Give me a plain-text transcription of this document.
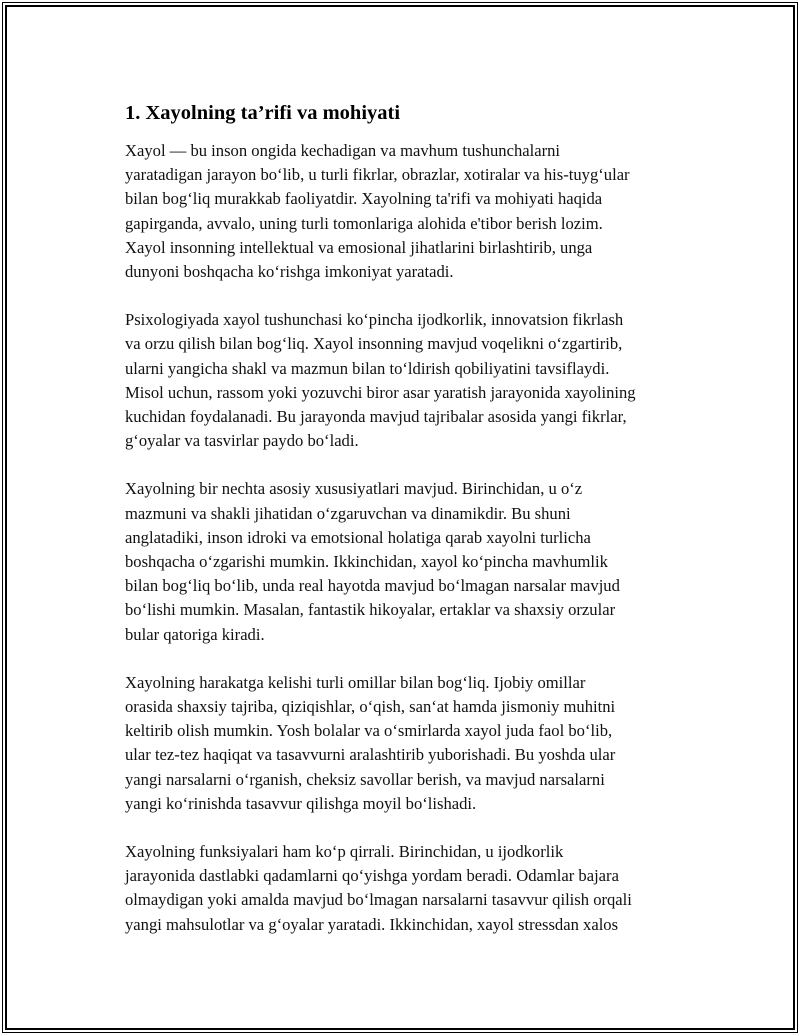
1. Xayolning ta’rifi va mohiyati

Xayol — bu inson ongida kechadigan va mavhum tushunchalarni
yaratadigan jarayon bo‘lib, u turli fikrlar, obrazlar, xotiralar va his-tuyg‘ular
bilan bog‘liq murakkab faoliyatdir. Xayolning ta'rifi va mohiyati haqida
gapirganda, avvalo, uning turli tomonlariga alohida e'tibor berish lozim.
Xayol insonning intellektual va emosional jihatlarini birlashtirib, unga
dunyoni boshqacha ko‘rishga imkoniyat yaratadi.

Psixologiyada xayol tushunchasi ko‘pincha ijodkorlik, innovatsion fikrlash
va orzu qilish bilan bog‘liq. Xayol insonning mavjud voqelikni o‘zgartirib,
ularni yangicha shakl va mazmun bilan to‘ldirish qobiliyatini tavsiflaydi.
Misol uchun, rassom yoki yozuvchi biror asar yaratish jarayonida xayolining
kuchidan foydalanadi. Bu jarayonda mavjud tajribalar asosida yangi fikrlar,
g‘oyalar va tasvirlar paydo bo‘ladi.

Xayolning bir nechta asosiy xususiyatlari mavjud. Birinchidan, u o‘z
mazmuni va shakli jihatidan o‘zgaruvchan va dinamikdir. Bu shuni
anglatadiki, inson idroki va emotsional holatiga qarab xayolni turlicha
boshqacha o‘zgarishi mumkin. Ikkinchidan, xayol ko‘pincha mavhumlik
bilan bog‘liq bo‘lib, unda real hayotda mavjud bo‘lmagan narsalar mavjud
bo‘lishi mumkin. Masalan, fantastik hikoyalar, ertaklar va shaxsiy orzular
bular qatoriga kiradi.

Xayolning harakatga kelishi turli omillar bilan bog‘liq. Ijobiy omillar
orasida shaxsiy tajriba, qiziqishlar, o‘qish, san‘at hamda jismoniy muhitni
keltirib olish mumkin. Yosh bolalar va o‘smirlarda xayol juda faol bo‘lib,
ular tez-tez haqiqat va tasavvurni aralashtirib yuborishadi. Bu yoshda ular
yangi narsalarni o‘rganish, cheksiz savollar berish, va mavjud narsalarni
yangi ko‘rinishda tasavvur qilishga moyil bo‘lishadi.

Xayolning funksiyalari ham ko‘p qirrali. Birinchidan, u ijodkorlik
jarayonida dastlabki qadamlarni qo‘yishga yordam beradi. Odamlar bajara
olmaydigan yoki amalda mavjud bo‘lmagan narsalarni tasavvur qilish orqali
yangi mahsulotlar va g‘oyalar yaratadi. Ikkinchidan, xayol stressdan xalos
